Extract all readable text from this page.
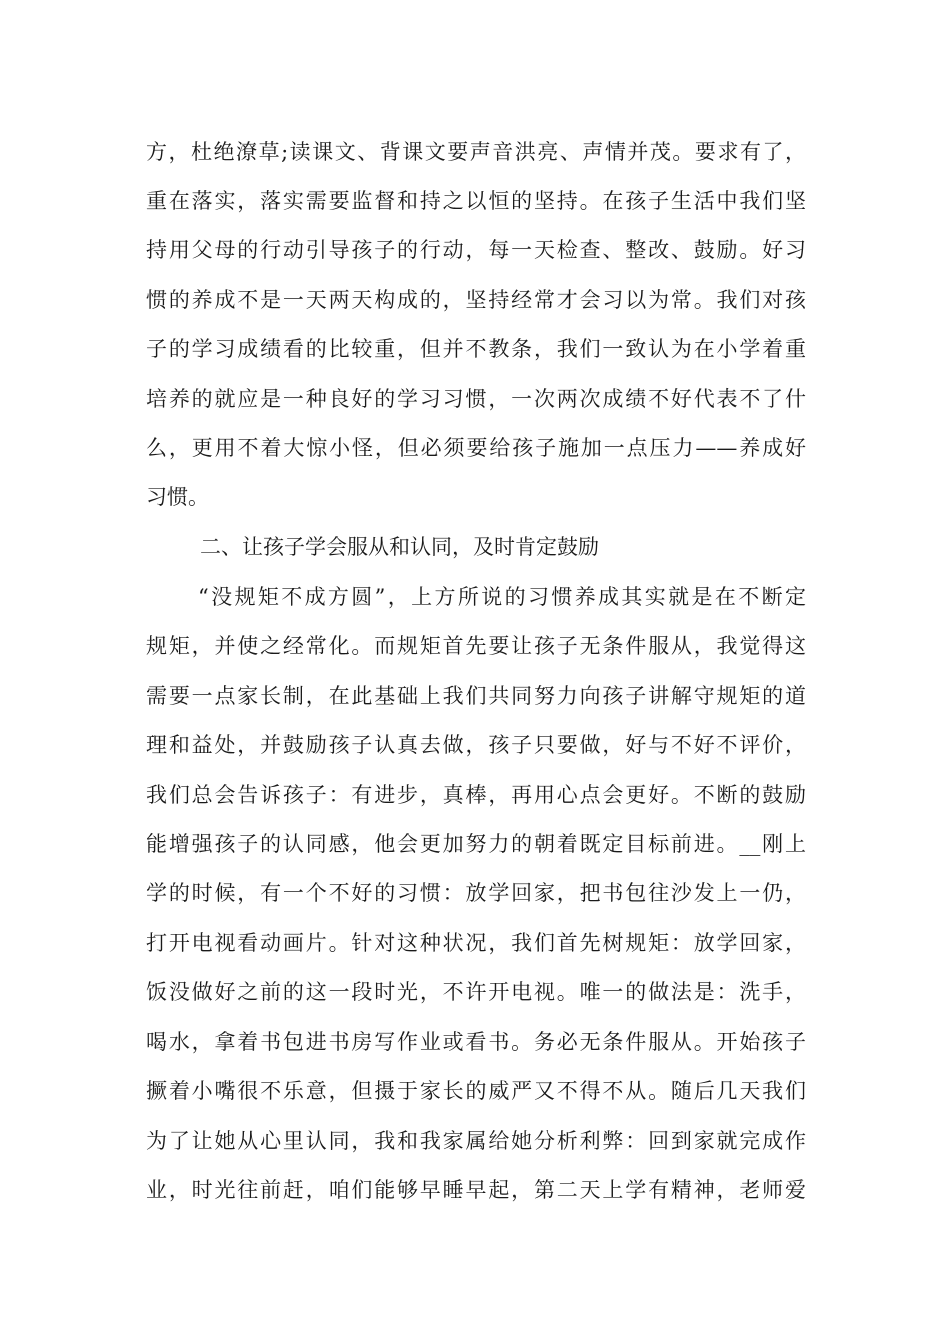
方，杜绝潦草;读课文、背课文要声音洪亮、声情并茂。要求有了，
重在落实，落实需要监督和持之以恒的坚持。在孩子生活中我们坚
持用父母的行动引导孩子的行动，每一天检查、整改、鼓励。好习
惯的养成不是一天两天构成的，坚持经常才会习以为常。我们对孩
子的学习成绩看的比较重，但并不教条，我们一致认为在小学着重
培养的就应是一种良好的学习习惯，一次两次成绩不好代表不了什
么，更用不着大惊小怪，但必须要给孩子施加一点压力——养成好
习惯。
二、让孩子学会服从和认同，及时肯定鼓励
“没规矩不成方圆”，上方所说的习惯养成其实就是在不断定
规矩，并使之经常化。而规矩首先要让孩子无条件服从，我觉得这
需要一点家长制，在此基础上我们共同努力向孩子讲解守规矩的道
理和益处，并鼓励孩子认真去做，孩子只要做，好与不好不评价，
我们总会告诉孩子：有进步，真棒，再用心点会更好。不断的鼓励
能增强孩子的认同感，他会更加努力的朝着既定目标前进。__刚上
学的时候，有一个不好的习惯：放学回家，把书包往沙发上一仍，
打开电视看动画片。针对这种状况，我们首先树规矩：放学回家，
饭没做好之前的这一段时光，不许开电视。唯一的做法是：洗手，
喝水，拿着书包进书房写作业或看书。务必无条件服从。开始孩子
撅着小嘴很不乐意，但摄于家长的威严又不得不从。随后几天我们
为了让她从心里认同，我和我家属给她分析利弊：回到家就完成作
业，时光往前赶，咱们能够早睡早起，第二天上学有精神，老师爱
